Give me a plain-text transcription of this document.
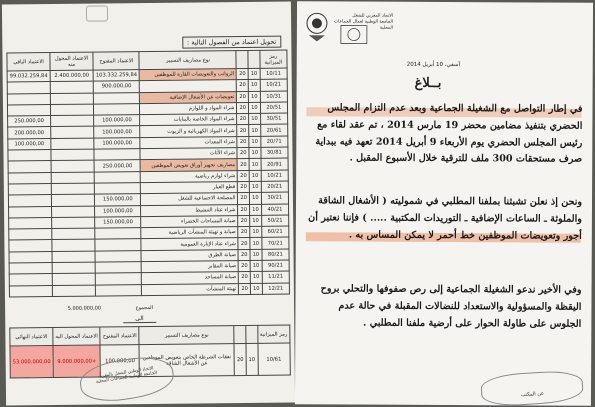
تحويل اعتماد من الفصول التالية :
رمز الميزانية			نوع مصاريف التسيير	الاعتماد المفتوح	الاعتماد المحول منه	الاعتماد الباقي
10/11	10	20	الرواتب والتعويضات القارة للموظفين	103.332.259,84	2.400.000,00	99.032.259,84
10/21	10	20		900.000,00		
10/31	10	20	تعويضات عن الأشغال الإضافية			
20/51	10	20	شراء المواد و اللوازم			
30/51	10	20	شراء المواد الخاصة بالبنايات	100.000,00		250.000,00
20/61	10	20	شراء المواد الكهربائية و الزيوت	100.000,00		200.000,00
20/71	10	20	شراء المعدات	100.000,00		100.000,00
30/81	10	20	شراء الأثاث			
20/91	10	20	مصاريف تجهيز أوراق تعويض الموظفين	250.000,00		
10/21	10	20	شراء لوازم رياضية			
20/21	10	20	قطع الغيار			
30/21	10	20	المصلحة الاجتماعية للشغل	150.000,00		
40/21	10	20	شراء عتاد التنشيط	100.000,00		
50/21	10	20	صيانة المساحات الخضراء	150.000,00		
60/21	10	20	صيانة و تهيئة المنشآت الرياضية			
70/21	10	20	شراء عتاد الإنارة العمومية			
80/21	10	20	صيانة الطرق			
90/21	10	20	صيانة المقابر			
11/21	10	20	صيانة المساجد			
12/21	10	20	تهيئة المنشآت			
المجموع
5.000.000,00
الى
رمز الميزانية			نوع مصاريف التسيير	الاعتماد المفتوح	الاعتماد المحول اليه	الاعتماد النهائي
10/61	10	20	نفقات الشرطة الخاص بتعويض الموظفين عن الأشغال الشاقة	100.000,00	+9.000.000,00	53.000.000,00
الاتحاد الوطني للشغل بالمغرب
الجامعة الوطنية للجماعات المحلية
الاتحاد المغربي للشغل
الجامعة الوطنية لعمال الجماعات المحلية
آسفي، 10 أبريل 2014
بــلاغ
في إطار التواصل مع الشغيلة الجماعية وبعد عدم التزام المجلس الحضري بتنفيذ مضامين محضر 19 مارس 2014 ، تم عقد لقاء مع رئيس المجلس الحضري يوم الأربعاء 9 أبريل 2014 تعهد فيه ببداية صرف مستحقات 300 ملف للترقية خلال الأسبوع المقبل .
ونحن إذ نعلن تشبثنا بملفنا المطلبي في شموليته ( الأشغال الشاقة والملوثة ـ الساعات الإضافية ـ التوريدات المكتبية ..... ) فإننا نعتبر أن أجور وتعويضات الموظفين خط أحمر لا يمكن المساس به .
وفي الأخير ندعو الشغيلة الجماعية إلى رص صفوفها والتحلي بروح اليقظة والمسؤولية والاستعداد للنضالات المقبلة في حالة عدم الجلوس على طاولة الحوار على أرضية ملفنا المطلبي .
عن المكتب
